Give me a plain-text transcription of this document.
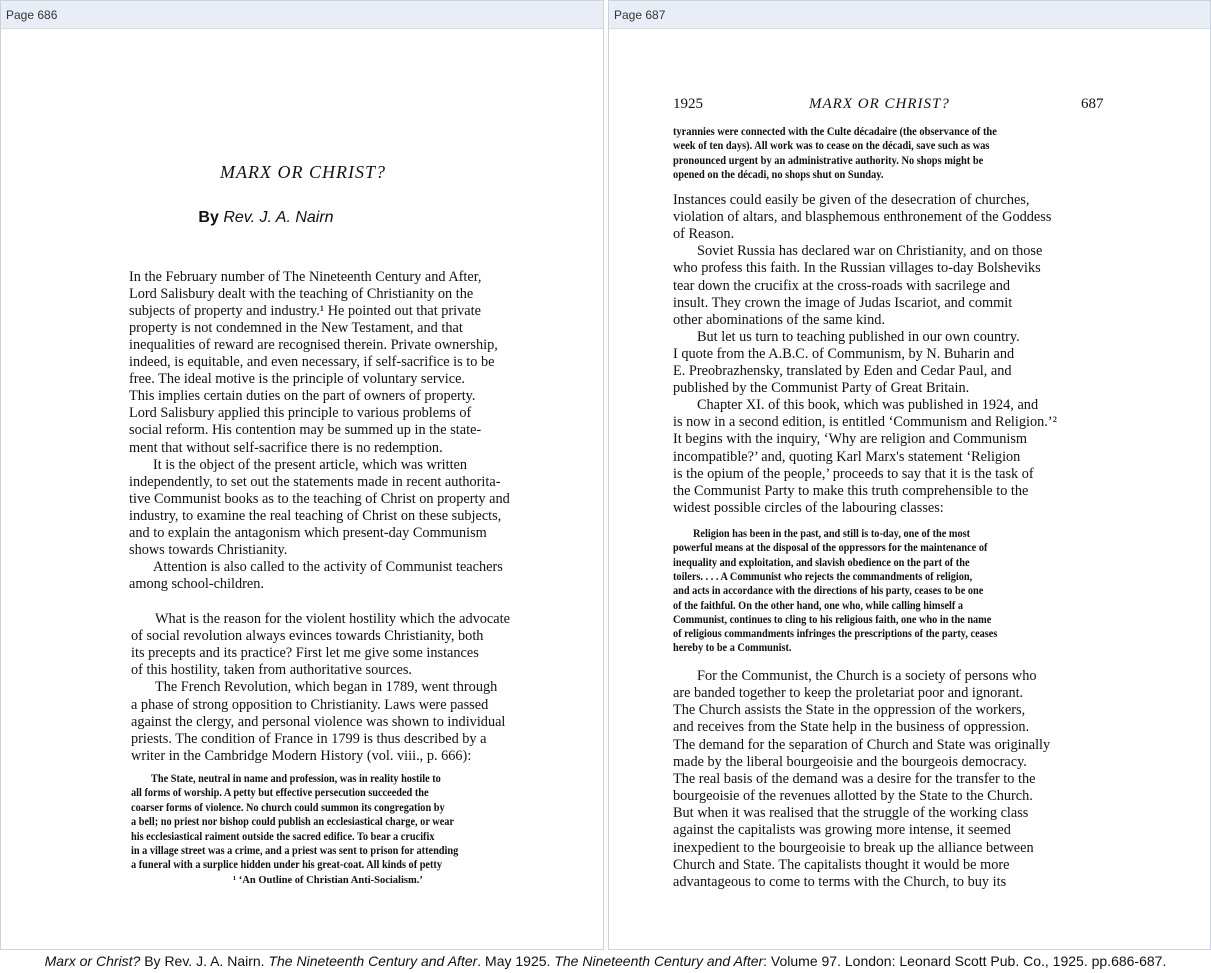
Page 686
MARX OR CHRIST?
By Rev. J. A. Nairn
In the February number of The Nineteenth Century and After,
Lord Salisbury dealt with the teaching of Christianity on the
subjects of property and industry.¹ He pointed out that private
property is not condemned in the New Testament, and that
inequalities of reward are recognised therein. Private ownership,
indeed, is equitable, and even necessary, if self-sacrifice is to be
free. The ideal motive is the principle of voluntary service.
This implies certain duties on the part of owners of property.
Lord Salisbury applied this principle to various problems of
social reform. His contention may be summed up in the state-
ment that without self-sacrifice there is no redemption.
It is the object of the present article, which was written
independently, to set out the statements made in recent authorita-
tive Communist books as to the teaching of Christ on property and
industry, to examine the real teaching of Christ on these subjects,
and to explain the antagonism which present-day Communism
shows towards Christianity.
Attention is also called to the activity of Communist teachers
among school-children.
What is the reason for the violent hostility which the advocate
of social revolution always evinces towards Christianity, both
its precepts and its practice? First let me give some instances
of this hostility, taken from authoritative sources.
The French Revolution, which began in 1789, went through
a phase of strong opposition to Christianity. Laws were passed
against the clergy, and personal violence was shown to individual
priests. The condition of France in 1799 is thus described by a
writer in the Cambridge Modern History (vol. viii., p. 666):
The State, neutral in name and profession, was in reality hostile to
all forms of worship. A petty but effective persecution succeeded the
coarser forms of violence. No church could summon its congregation by
a bell; no priest nor bishop could publish an ecclesiastical charge, or wear
his ecclesiastical raiment outside the sacred edifice. To bear a crucifix
in a village street was a crime, and a priest was sent to prison for attending
a funeral with a surplice hidden under his great-coat. All kinds of petty
¹ ‘An Outline of Christian Anti-Socialism.’
Page 687
1925	MARX OR CHRIST?	687
tyrannies were connected with the Culte décadaire (the observance of the
week of ten days). All work was to cease on the décadi, save such as was
pronounced urgent by an administrative authority. No shops might be
opened on the décadi, no shops shut on Sunday.
Instances could easily be given of the desecration of churches,
violation of altars, and blasphemous enthronement of the Goddess
of Reason.
Soviet Russia has declared war on Christianity, and on those
who profess this faith. In the Russian villages to-day Bolsheviks
tear down the crucifix at the cross-roads with sacrilege and
insult. They crown the image of Judas Iscariot, and commit
other abominations of the same kind.
But let us turn to teaching published in our own country.
I quote from the A.B.C. of Communism, by N. Buharin and
E. Preobrazhensky, translated by Eden and Cedar Paul, and
published by the Communist Party of Great Britain.
Chapter XI. of this book, which was published in 1924, and
is now in a second edition, is entitled ‘Communism and Religion.’²
It begins with the inquiry, ‘Why are religion and Communism
incompatible?’ and, quoting Karl Marx's statement ‘Religion
is the opium of the people,’ proceeds to say that it is the task of
the Communist Party to make this truth comprehensible to the
widest possible circles of the labouring classes:
Religion has been in the past, and still is to-day, one of the most
powerful means at the disposal of the oppressors for the maintenance of
inequality and exploitation, and slavish obedience on the part of the
toilers. . . . A Communist who rejects the commandments of religion,
and acts in accordance with the directions of his party, ceases to be one
of the faithful. On the other hand, one who, while calling himself a
Communist, continues to cling to his religious faith, one who in the name
of religious commandments infringes the prescriptions of the party, ceases
hereby to be a Communist.
For the Communist, the Church is a society of persons who
are banded together to keep the proletariat poor and ignorant.
The Church assists the State in the oppression of the workers,
and receives from the State help in the business of oppression.
The demand for the separation of Church and State was originally
made by the liberal bourgeoisie and the bourgeois democracy.
The real basis of the demand was a desire for the transfer to the
bourgeoisie of the revenues allotted by the State to the Church.
But when it was realised that the struggle of the working class
against the capitalists was growing more intense, it seemed
inexpedient to the bourgeoisie to break up the alliance between
Church and State. The capitalists thought it would be more
advantageous to come to terms with the Church, to buy its
Marx or Christ? By Rev. J. A. Nairn. The Nineteenth Century and After. May 1925. The Nineteenth Century and After: Volume 97. London: Leonard Scott Pub. Co., 1925. pp.686-687.
